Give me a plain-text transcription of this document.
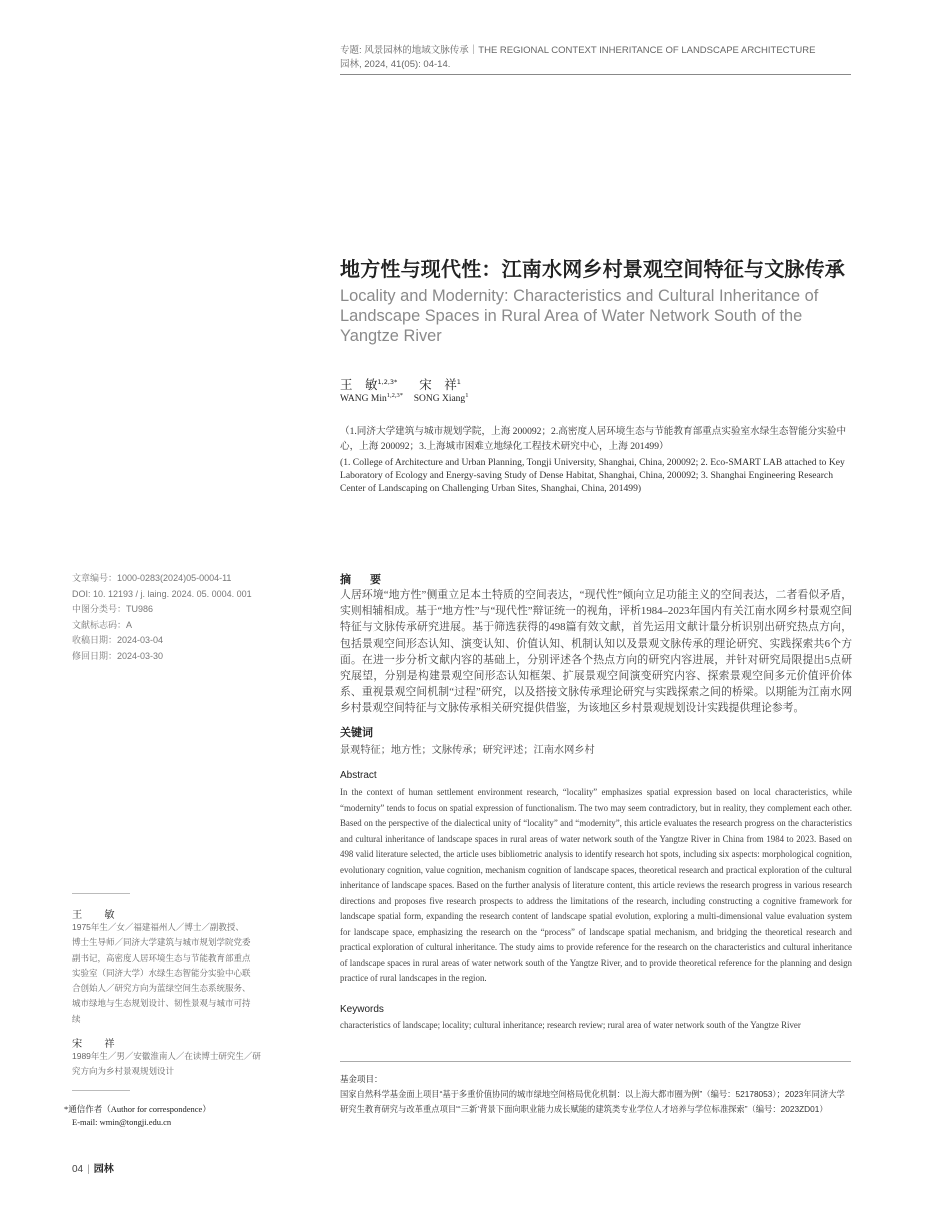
专题: 风景园林的地域文脉传承｜THE REGIONAL CONTEXT INHERITANCE OF LANDSCAPE ARCHITECTURE
园林, 2024, 41(05): 04-14.
地方性与现代性：江南水网乡村景观空间特征与文脉传承
Locality and Modernity: Characteristics and Cultural Inheritance of Landscape Spaces in Rural Area of Water Network South of the Yangtze River
王　敏$^{1,2,3*}$ 宋　祥$^1$
WANG Min$^{1,2,3*}$ SONG Xiang$^1$
（1.同济大学建筑与城市规划学院，上海 200092；2.高密度人居环境生态与节能教育部重点实验室水绿生态智能分实验中心，上海 200092；3.上海城市困难立地绿化工程技术研究中心，上海 201499）
(1. College of Architecture and Urban Planning, Tongji University, Shanghai, China, 200092; 2. Eco-SMART LAB attached to Key Laboratory of Ecology and Energy-saving Study of Dense Habitat, Shanghai, China, 200092; 3. Shanghai Engineering Research Center of Landscaping on Challenging Urban Sites, Shanghai, China, 201499)
文章编号：1000-0283(2024)05-0004-11
DOI: 10. 12193 / j. laing. 2024. 05. 0004. 001
中图分类号：TU986
文献标志码：A
收稿日期：2024-03-04
修回日期：2024-03-30
摘　要
人居环境“地方性”侧重立足本土特质的空间表达，“现代性”倾向立足功能主义的空间表达，二者看似矛盾，实则相辅相成。基于“地方性”与“现代性”辩证统一的视角，评析1984–2023年国内有关江南水网乡村景观空间特征与文脉传承研究进展。基于筛选获得的498篇有效文献，首先运用文献计量分析识别出研究热点方向，包括景观空间形态认知、演变认知、价值认知、机制认知以及景观文脉传承的理论研究、实践探索共6个方面。在进一步分析文献内容的基础上，分别评述各个热点方向的研究内容进展，并针对研究局限提出5点研究展望，分别是构建景观空间形态认知框架、扩展景观空间演变研究内容、探索景观空间多元价值评价体系、重视景观空间机制“过程”研究，以及搭接文脉传承理论研究与实践探索之间的桥梁。以期能为江南水网乡村景观空间特征与文脉传承相关研究提供借鉴，为该地区乡村景观规划设计实践提供理论参考。
关键词
景观特征；地方性；文脉传承；研究评述；江南水网乡村
Abstract
In the context of human settlement environment research, “locality” emphasizes spatial expression based on local characteristics, while “modernity” tends to focus on spatial expression of functionalism. The two may seem contradictory, but in reality, they complement each other. Based on the perspective of the dialectical unity of “locality” and “modernity”, this article evaluates the research progress on the characteristics and cultural inheritance of landscape spaces in rural areas of water network south of the Yangtze River in China from 1984 to 2023. Based on 498 valid literature selected, the article uses bibliometric analysis to identify research hot spots, including six aspects: morphological cognition, evolutionary cognition, value cognition, mechanism cognition of landscape spaces, theoretical research and practical exploration of the cultural inheritance of landscape spaces. Based on the further analysis of literature content, this article reviews the research progress in various research directions and proposes five research prospects to address the limitations of the research, including constructing a cognitive framework for landscape spatial form, expanding the research content of landscape spatial evolution, exploring a multi-dimensional value evaluation system for landscape space, emphasizing the research on the “process” of landscape spatial mechanism, and bridging the theoretical research and practical exploration of cultural inheritance. The study aims to provide reference for the research on the characteristics and cultural inheritance of landscape spaces in rural areas of water network south of the Yangtze River, and to provide theoretical reference for the planning and design practice of rural landscapes in the region.
Keywords
characteristics of landscape; locality; cultural inheritance; research review; rural area of water network south of the Yangtze River
王　敏
1975年生／女／福建福州人／博士／副教授、博士生导师／同济大学建筑与城市规划学院党委副书记，高密度人居环境生态与节能教育部重点实验室（同济大学）水绿生态智能分实验中心联合创始人／研究方向为蓝绿空间生态系统服务、城市绿地与生态规划设计、韧性景观与城市可持续
宋　祥
1989年生／男／安徽淮南人／在读博士研究生／研究方向为乡村景观规划设计
*通信作者（Author for correspondence）
E-mail: wmin@tongji.edu.cn
基金项目：
国家自然科学基金面上项目“基于多重价值协同的城市绿地空间格局优化机制：以上海大都市圈为例”（编号：52178053）；2023年同济大学研究生教育研究与改革重点项目“‘三新’背景下面向职业能力成长赋能的建筑类专业学位人才培养与学位标准探索”（编号：2023ZD01）
04 | 园林
